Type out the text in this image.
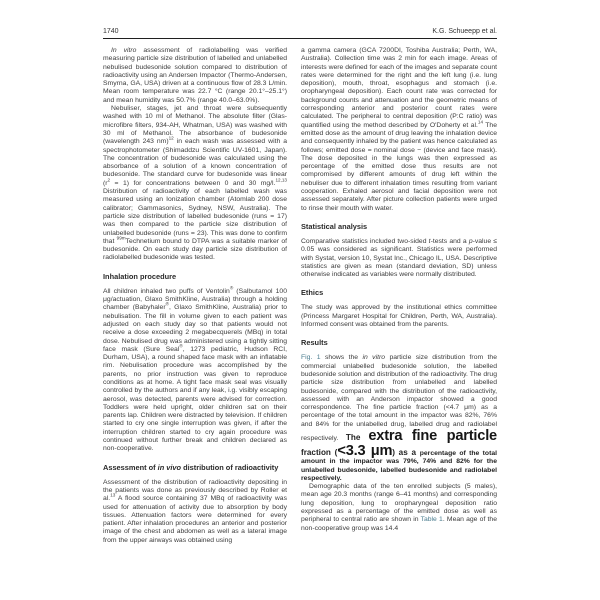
1740	K.G. Schueepp et al.

In vitro assessment of radiolabelling was verified measuring particle size distribution of labelled and unlabelled nebulised budesonide solution compared to distribution of radioactivity using an Andersen Impactor (Thermo-Andersen, Smyrna, GA, USA) driven at a continuous flow of 28.3 L/min. Mean room temperature was 22.7 °C (range 20.1°–25.1°) and mean humidity was 50.7% (range 40.0–63.0%).

Nebuliser, stages, jet and throat were subsequently washed with 10 ml of Methanol. The absolute filter (Glas-microfibre filters, 934-AH, Whatman, USA) was washed with 30 ml of Methanol. The absorbance of budesonide (wavelength 243 nm)$^{12}$ in each wash was assessed with a spectrophotometer (Shimaddzu Scientific UV-1601, Japan). The concentration of budesonide was calculated using the absorbance of a solution of a known concentration of budesonide. The standard curve for budesonide was linear $(r^2 = 1)$ for concentrations between 0 and 30 mg/l.$^{12,13}$ Distribution of radioactivity of each labelled wash was measured using an Ionization chamber (Atomlab 200 dose calibrator; Gammasonics, Sydney, NSW, Australia). The particle size distribution of labelled budesonide (runs = 17) was then compared to the particle size distribution of unlabelled budesonide (runs = 23). This was done to confirm that $^{99m}$Technetium bound to DTPA was a suitable marker of budesonide. On each study day particle size distribution of radiolabelled budesonide was tested.

Inhalation procedure

All children inhaled two puffs of Ventolin® (Salbutamol 100 μg/actuation, Glaxo SmithKline, Australia) through a holding chamber (Babyhaler®, Glaxo SmithKline, Australia) prior to nebulisation. The fill in volume given to each patient was adjusted on each study day so that patients would not receive a dose exceeding 2 megabecquerels (MBq) in total dose. Nebulised drug was administered using a tightly sitting face mask (Sure Seal®, 1273 pediatric, Hudson RCI, Durham, USA), a round shaped face mask with an inflatable rim. Nebulisation procedure was accomplished by the parents, no prior instruction was given to reproduce conditions as at home. A tight face mask seal was visually controlled by the authors and if any leak, i.g. visibly escaping aerosol, was detected, parents were advised for correction. Toddlers were held upright, older children sat on their parents lap. Children were distracted by television. If children started to cry one single interruption was given, if after the interruption children started to cry again procedure was continued without further break and children declared as non-cooperative.

Assessment of in vivo distribution of radioactivity

Assessment of the distribution of radioactivity depositing in the patients was done as previously described by Roller et al.$^{13}$ A flood source containing 37 MBq of radioactivity was used for attenuation of activity due to absorption by body tissues. Attenuation factors were determined for every patient. After inhalation procedures an anterior and posterior image of the chest and abdomen as well as a lateral image from the upper airways was obtained using

a gamma camera (GCA 7200DI, Toshiba Australia; Perth, WA, Australia). Collection time was 2 min for each image. Areas of interests were defined for each of the images and separate count rates were determined for the right and the left lung (i.e. lung deposition), mouth, throat, esophagus and stomach (i.e. oropharyngeal deposition). Each count rate was corrected for background counts and attenuation and the geometric means of corresponding anterior and posterior count rates were calculated. The peripheral to central deposition (P:C ratio) was quantified using the method described by O'Doherty et al.$^{14}$ The emitted dose as the amount of drug leaving the inhalation device and consequently inhaled by the patient was hence calculated as follows; emitted dose = nominal dose − (device and face mask). The dose deposited in the lungs was then expressed as percentage of the emitted dose thus results are not compromised by different amounts of drug left within the nebuliser due to different inhalation times resulting from variant cooperation. Exhaled aerosol and facial deposition were not assessed separately. After picture collection patients were urged to rinse their mouth with water.

Statistical analysis

Comparative statistics included two-sided t-tests and a p-value ≤ 0.05 was considered as significant. Statistics were performed with Systat, version 10, Systat Inc., Chicago IL, USA. Descriptive statistics are given as mean (standard deviation, SD) unless otherwise indicated as variables were normally distributed.

Ethics

The study was approved by the institutional ethics committee (Princess Margaret Hospital for Children, Perth, WA, Australia). Informed consent was obtained from the parents.

Results

Fig. 1 shows the in vitro particle size distribution from the commercial unlabelled budesonide solution, the labelled budesonide solution and distribution of the radioactivity. The drug particle size distribution from unlabelled and labelled budesonide, compared with the distribution of the radioactivity, assessed with an Anderson impactor showed a good correspondence. The fine particle fraction (<4.7 μm) as a percentage of the total amount in the impactor was 82%, 76% and 84% for the unlabelled drug, labelled drug and radiolabel respectively. The extra fine particle fraction (<3.3 μm) as a percentage of the total amount in the impactor was 79%, 74% and 82% for the unlabelled budesonide, labelled budesonide and radiolabel respectively.

Demographic data of the ten enrolled subjects (5 males), mean age 20.3 months (range 6–41 months) and corresponding lung deposition, lung to oropharyngeal deposition ratio expressed as a percentage of the emitted dose as well as peripheral to central ratio are shown in Table 1. Mean age of the non-cooperative group was 14.4
